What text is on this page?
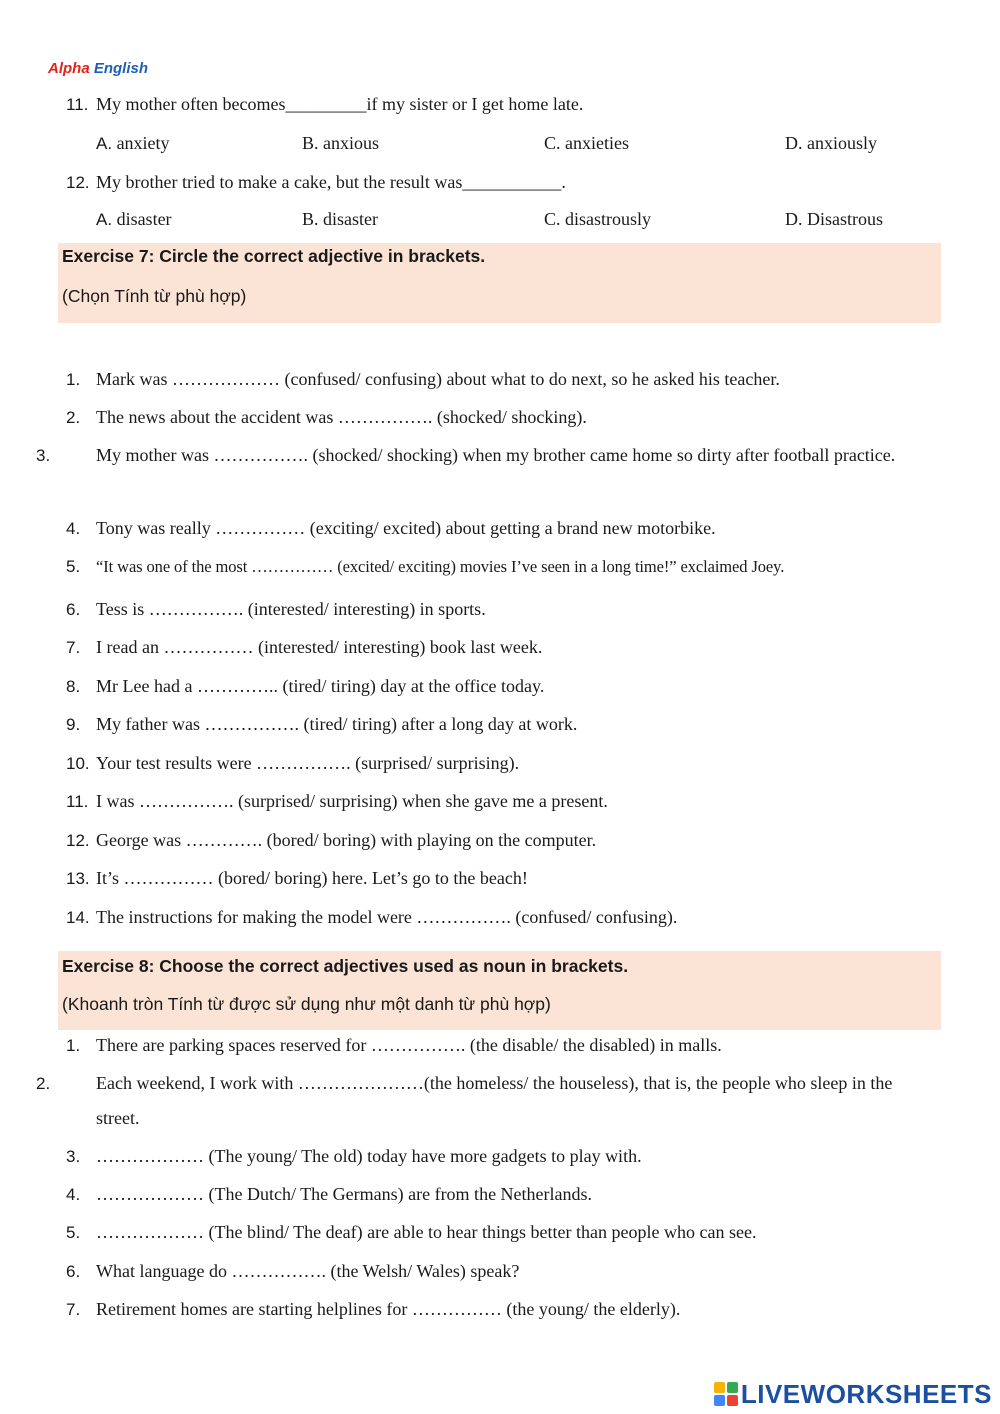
Alpha English
11. My mother often becomes_________if my sister or I get home late.
A. anxiety	B. anxious	C. anxieties	D. anxiously
12. My brother tried to make a cake, but the result was___________.
A. disaster	B. disaster	C. disastrously	D. Disastrous
Exercise 7: Circle the correct adjective in brackets.
(Chọn Tính từ phù hợp)
1. Mark was ……………… (confused/ confusing) about what to do next, so he asked his teacher.
2. The news about the accident was ……………. (shocked/ shocking).
3.	My mother was ……………. (shocked/ shocking) when my brother came home so dirty after football practice.
4. Tony was really …………… (exciting/ excited) about getting a brand new motorbike.
5. “It was one of the most …………… (excited/ exciting) movies I’ve seen in a long time!” exclaimed Joey.
6. Tess is ……………. (interested/ interesting) in sports.
7. I read an …………… (interested/ interesting) book last week.
8. Mr Lee had a ………….. (tired/ tiring) day at the office today.
9. My father was ……………. (tired/ tiring) after a long day at work.
10. Your test results were ……………. (surprised/ surprising).
11. I was ……………. (surprised/ surprising) when she gave me a present.
12. George was …………. (bored/ boring) with playing on the computer.
13. It’s …………… (bored/ boring) here. Let’s go to the beach!
14. The instructions for making the model were ……………. (confused/ confusing).
Exercise 8: Choose the correct adjectives used as noun in brackets.
(Khoanh tròn Tính từ được sử dụng như một danh từ phù hợp)
1. There are parking spaces reserved for ……………. (the disable/ the disabled) in malls.
2.	Each weekend, I work with …………………(the homeless/ the houseless), that is, the people who sleep in the street.
3. ……………… (The young/ The old) today have more gadgets to play with.
4. ……………… (The Dutch/ The Germans) are from the Netherlands.
5. ……………… (The blind/ The deaf) are able to hear things better than people who can see.
6. What language do ……………. (the Welsh/ Wales) speak?
7. Retirement homes are starting helplines for …………… (the young/ the elderly).
LIVEWORKSHEETS
